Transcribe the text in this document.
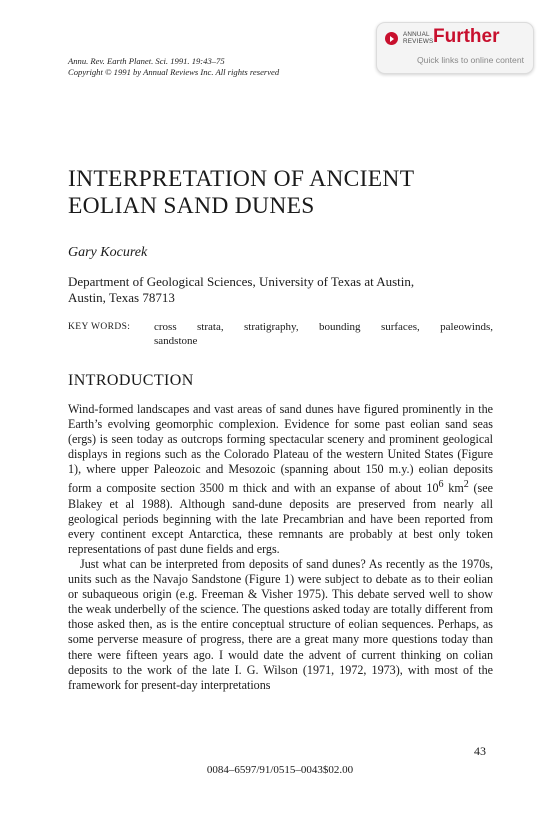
Annu. Rev. Earth Planet. Sci. 1991. 19:43–75
Copyright © 1991 by Annual Reviews Inc. All rights reserved
ANNUAL
REVIEWS Further
Quick links to online content
INTERPRETATION OF ANCIENT
EOLIAN SAND DUNES
Gary Kocurek
Department of Geological Sciences, University of Texas at Austin,
Austin, Texas 78713
KEY WORDS: cross strata, stratigraphy, bounding surfaces, paleowinds,
sandstone
INTRODUCTION

Wind-formed landscapes and vast areas of sand dunes have figured prominently in the Earth’s evolving geomorphic complexion. Evidence for some past eolian sand seas (ergs) is seen today as outcrops forming spectacular scenery and prominent geological displays in regions such as the Colorado Plateau of the western United States (Figure 1), where upper Paleozoic and Mesozoic (spanning about 150 m.y.) eolian deposits form a composite section 3500 m thick and with an expanse of about $10^6$ $km^2$ (see Blakey et al 1988). Although sand-dune deposits are preserved from nearly all geological periods beginning with the late Precambrian and have been reported from every continent except Antarctica, these remnants are probably at best only token representations of past dune fields and ergs.

Just what can be interpreted from deposits of sand dunes? As recently as the 1970s, units such as the Navajo Sandstone (Figure 1) were subject to debate as to their eolian or subaqueous origin (e.g. Freeman & Visher 1975). This debate served well to show the weak underbelly of the science. The questions asked today are totally different from those asked then, as is the entire conceptual structure of eolian sequences. Perhaps, as some perverse measure of progress, there are a great many more questions today than there were fifteen years ago. I would date the advent of current thinking on colian deposits to the work of the late I. G. Wilson (1971, 1972, 1973), with most of the framework for present-day interpretations

43
0084–6597/91/0515–0043$02.00
